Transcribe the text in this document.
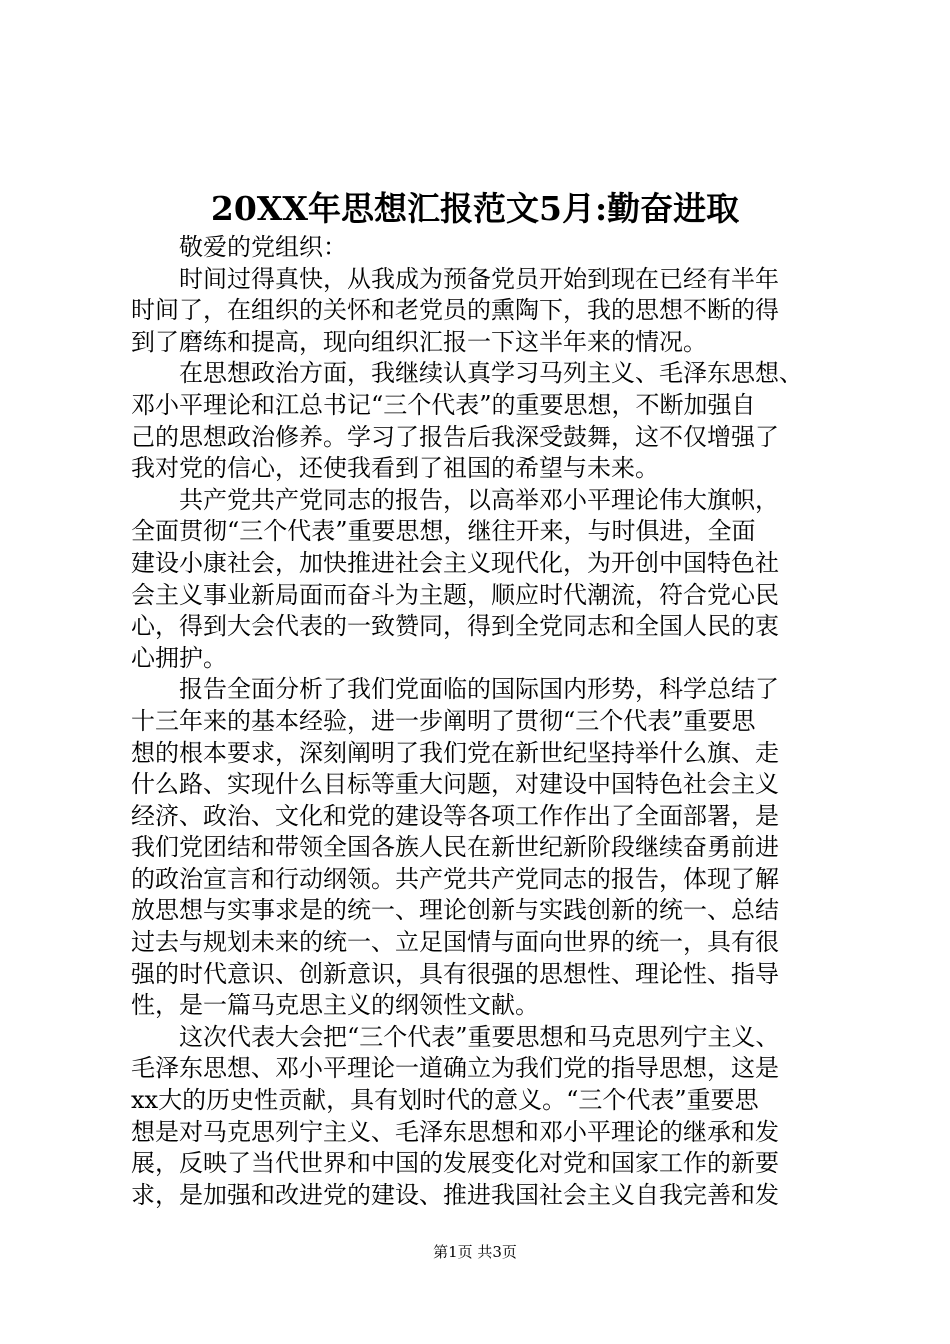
20XX年思想汇报范文5月:勤奋进取
敬爱的党组织：
时间过得真快，从我成为预备党员开始到现在已经有半年
时间了，在组织的关怀和老党员的熏陶下，我的思想不断的得
到了磨练和提高，现向组织汇报一下这半年来的情况。
在思想政治方面，我继续认真学习马列主义、毛泽东思想、
邓小平理论和江总书记“三个代表”的重要思想，不断加强自
己的思想政治修养。学习了报告后我深受鼓舞，这不仅增强了
我对党的信心，还使我看到了祖国的希望与未来。
共产党共产党同志的报告，以高举邓小平理论伟大旗帜，
全面贯彻“三个代表”重要思想，继往开来，与时俱进，全面
建设小康社会，加快推进社会主义现代化，为开创中国特色社
会主义事业新局面而奋斗为主题，顺应时代潮流，符合党心民
心，得到大会代表的一致赞同，得到全党同志和全国人民的衷
心拥护。
报告全面分析了我们党面临的国际国内形势，科学总结了
十三年来的基本经验，进一步阐明了贯彻“三个代表”重要思
想的根本要求，深刻阐明了我们党在新世纪坚持举什么旗、走
什么路、实现什么目标等重大问题，对建设中国特色社会主义
经济、政治、文化和党的建设等各项工作作出了全面部署，是
我们党团结和带领全国各族人民在新世纪新阶段继续奋勇前进
的政治宣言和行动纲领。共产党共产党同志的报告，体现了解
放思想与实事求是的统一、理论创新与实践创新的统一、总结
过去与规划未来的统一、立足国情与面向世界的统一，具有很
强的时代意识、创新意识，具有很强的思想性、理论性、指导
性，是一篇马克思主义的纲领性文献。
这次代表大会把“三个代表”重要思想和马克思列宁主义、
毛泽东思想、邓小平理论一道确立为我们党的指导思想，这是
xx大的历史性贡献，具有划时代的意义。“三个代表”重要思
想是对马克思列宁主义、毛泽东思想和邓小平理论的继承和发
展，反映了当代世界和中国的发展变化对党和国家工作的新要
求，是加强和改进党的建设、推进我国社会主义自我完善和发
第1页 共3页
